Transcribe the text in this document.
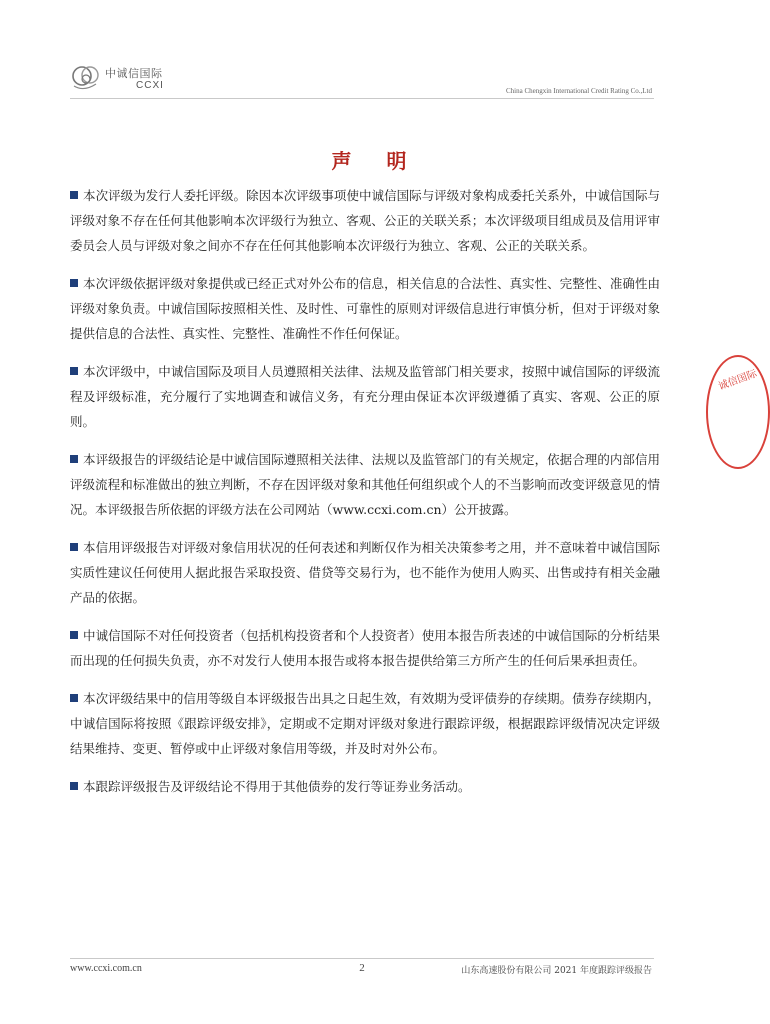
中诚信国际
CCXI	China Chengxin International Credit Rating Co.,Ltd
声 明

本次评级为发行人委托评级。除因本次评级事项使中诚信国际与评级对象构成委托关系外，中诚信国际与评级对象不存在任何其他影响本次评级行为独立、客观、公正的关联关系；本次评级项目组成员及信用评审委员会人员与评级对象之间亦不存在任何其他影响本次评级行为独立、客观、公正的关联关系。

本次评级依据评级对象提供或已经正式对外公布的信息，相关信息的合法性、真实性、完整性、准确性由评级对象负责。中诚信国际按照相关性、及时性、可靠性的原则对评级信息进行审慎分析，但对于评级对象提供信息的合法性、真实性、完整性、准确性不作任何保证。

本次评级中，中诚信国际及项目人员遵照相关法律、法规及监管部门相关要求，按照中诚信国际的评级流程及评级标准，充分履行了实地调查和诚信义务，有充分理由保证本次评级遵循了真实、客观、公正的原则。

本评级报告的评级结论是中诚信国际遵照相关法律、法规以及监管部门的有关规定，依据合理的内部信用评级流程和标准做出的独立判断，不存在因评级对象和其他任何组织或个人的不当影响而改变评级意见的情况。本评级报告所依据的评级方法在公司网站（www.ccxi.com.cn）公开披露。

本信用评级报告对评级对象信用状况的任何表述和判断仅作为相关决策参考之用，并不意味着中诚信国际实质性建议任何使用人据此报告采取投资、借贷等交易行为，也不能作为使用人购买、出售或持有相关金融产品的依据。

中诚信国际不对任何投资者（包括机构投资者和个人投资者）使用本报告所表述的中诚信国际的分析结果而出现的任何损失负责，亦不对发行人使用本报告或将本报告提供给第三方所产生的任何后果承担责任。

本次评级结果中的信用等级自本评级报告出具之日起生效，有效期为受评债券的存续期。债券存续期内，中诚信国际将按照《跟踪评级安排》，定期或不定期对评级对象进行跟踪评级，根据跟踪评级情况决定评级结果维持、变更、暂停或中止评级对象信用等级，并及时对外公布。

本跟踪评级报告及评级结论不得用于其他债券的发行等证券业务活动。

诚信国际
www.ccxi.com.cn	2	山东高速股份有限公司 2021 年度跟踪评级报告
